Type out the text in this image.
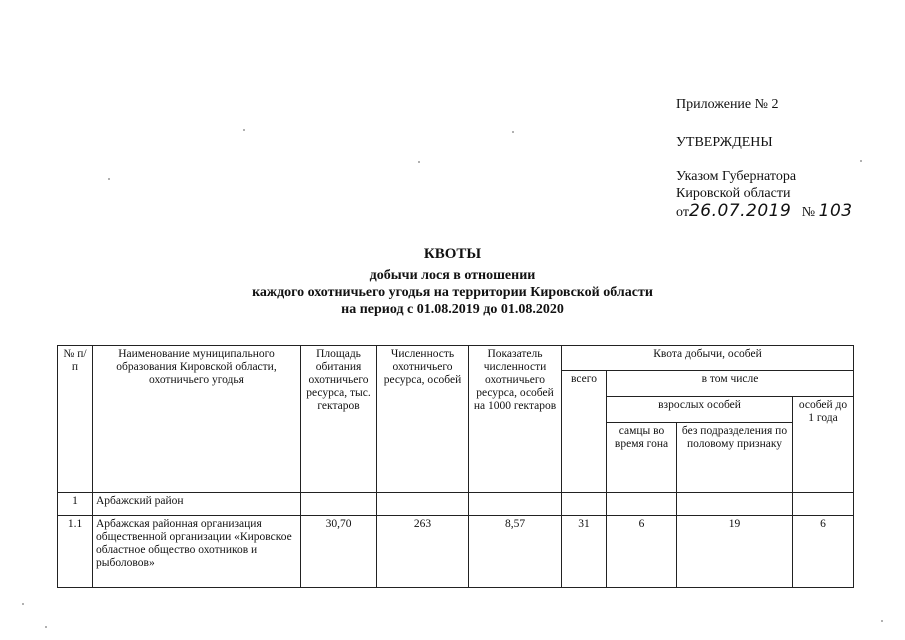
Приложение № 2
УТВЕРЖДЕНЫ
Указом Губернатора
Кировской области
от26.07.2019 № 103
КВОТЫ
добычи лося в отношении
каждого охотничьего угодья на территории Кировской области
на период с 01.08.2019 до 01.08.2020
№ п/п	Наименование муниципального образования Кировской области, охотничьего угодья	Площадь обитания охотничьего ресурса, тыс. гектаров	Численность охотничьего ресурса, особей	Показатель численности охотничьего ресурса, особей на 1000 гектаров	Квота добычи, особей			
					всего	в том числе		
						взрослых особей		особей до 1 года
						самцы во время гона	без подразделения по половому признаку	
1	Арбажский район							
1.1	Арбажская районная организация общественной организации «Кировское областное общество охотников и рыболовов»	30,70	263	8,57	31	6	19	6
